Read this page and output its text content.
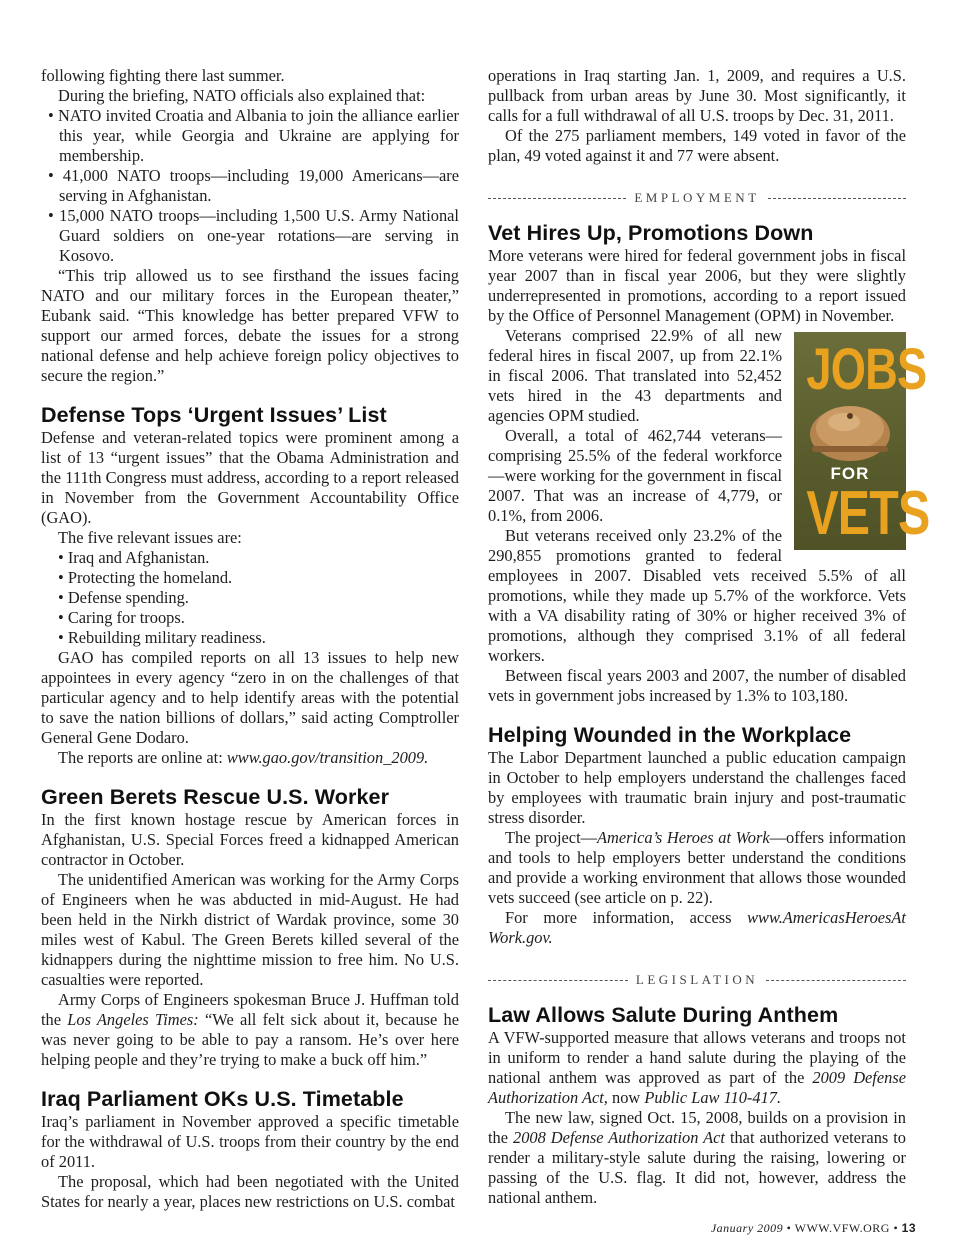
following fighting there last summer.

During the briefing, NATO officials also explained that:

• NATO invited Croatia and Albania to join the alliance earlier this year, while Georgia and Ukraine are applying for membership.

• 41,000 NATO troops—including 19,000 Americans—are serving in Afghanistan.

• 15,000 NATO troops—including 1,500 U.S. Army National Guard soldiers on one-year rotations—are serving in Kosovo.

“This trip allowed us to see firsthand the issues facing NATO and our military forces in the European theater,” Eubank said. “This knowledge has better prepared VFW to support our armed forces, debate the issues for a strong national defense and help achieve foreign policy objectives to secure the region.”

Defense Tops ‘Urgent Issues’ List

Defense and veteran-related topics were prominent among a list of 13 “urgent issues” that the Obama Administration and the 111th Congress must address, according to a report released in November from the Government Accountability Office (GAO).

The five relevant issues are:

• Iraq and Afghanistan.

• Protecting the homeland.

• Defense spending.

• Caring for troops.

• Rebuilding military readiness.

GAO has compiled reports on all 13 issues to help new appointees in every agency “zero in on the challenges of that particular agency and to help identify areas with the potential to save the nation billions of dollars,” said acting Comptroller General Gene Dodaro.

The reports are online at: www.gao.gov/transition_2009.

Green Berets Rescue U.S. Worker

In the first known hostage rescue by American forces in Afghanistan, U.S. Special Forces freed a kidnapped American contractor in October.

The unidentified American was working for the Army Corps of Engineers when he was abducted in mid-August. He had been held in the Nirkh district of Wardak province, some 30 miles west of Kabul. The Green Berets killed several of the kidnappers during the nighttime mission to free him. No U.S. casualties were reported.

Army Corps of Engineers spokesman Bruce J. Huffman told the Los Angeles Times: “We all felt sick about it, because he was never going to be able to pay a ransom. He’s over here helping people and they’re trying to make a buck off him.”

Iraq Parliament OKs U.S. Timetable

Iraq’s parliament in November approved a specific timetable for the withdrawal of U.S. troops from their country by the end of 2011.

The proposal, which had been negotiated with the United States for nearly a year, places new restrictions on U.S. combat

operations in Iraq starting Jan. 1, 2009, and requires a U.S. pullback from urban areas by June 30. Most significantly, it calls for a full withdrawal of all U.S. troops by Dec. 31, 2011.

Of the 275 parliament members, 149 voted in favor of the plan, 49 voted against it and 77 were absent.

EMPLOYMENT
Vet Hires Up, Promotions Down

More veterans were hired for federal government jobs in fiscal year 2007 than in fiscal year 2006, but they were slightly underrepresented in promotions, according to a report issued by the Office of Personnel Management (OPM) in November.

JOBS
FOR
VETS

Veterans comprised 22.9% of all new federal hires in fiscal 2007, up from 22.1% in fiscal 2006. That translated into 52,452 vets hired in the 43 departments and agencies OPM studied.

Overall, a total of 462,744 veterans—comprising 25.5% of the federal workforce—were working for the government in fiscal 2007. That was an increase of 4,779, or 0.1%, from 2006.

But veterans received only 23.2% of the 290,855 promotions granted to federal employees in 2007. Disabled vets received 5.5% of all promotions, while they made up 5.7% of the workforce. Vets with a VA disability rating of 30% or higher received 3% of promotions, although they comprised 3.1% of all federal workers.

Between fiscal years 2003 and 2007, the number of disabled vets in government jobs increased by 1.3% to 103,180.

Helping Wounded in the Workplace

The Labor Department launched a public education campaign in October to help employers understand the challenges faced by employees with traumatic brain injury and post-traumatic stress disorder.

The project—America’s Heroes at Work—offers information and tools to help employers better understand the conditions and provide a working environment that allows those wounded vets succeed (see article on p. 22).

For more information, access www.AmericasHeroesAt Work.gov.

LEGISLATION
Law Allows Salute During Anthem

A VFW-supported measure that allows veterans and troops not in uniform to render a hand salute during the playing of the national anthem was approved as part of the 2009 Defense Authorization Act, now Public Law 110-417.

The new law, signed Oct. 15, 2008, builds on a provision in the 2008 Defense Authorization Act that authorized veterans to render a military-style salute during the raising, lowering or passing of the U.S. flag. It did not, however, address the national anthem.

January 2009 • WWW.VFW.ORG • 13
